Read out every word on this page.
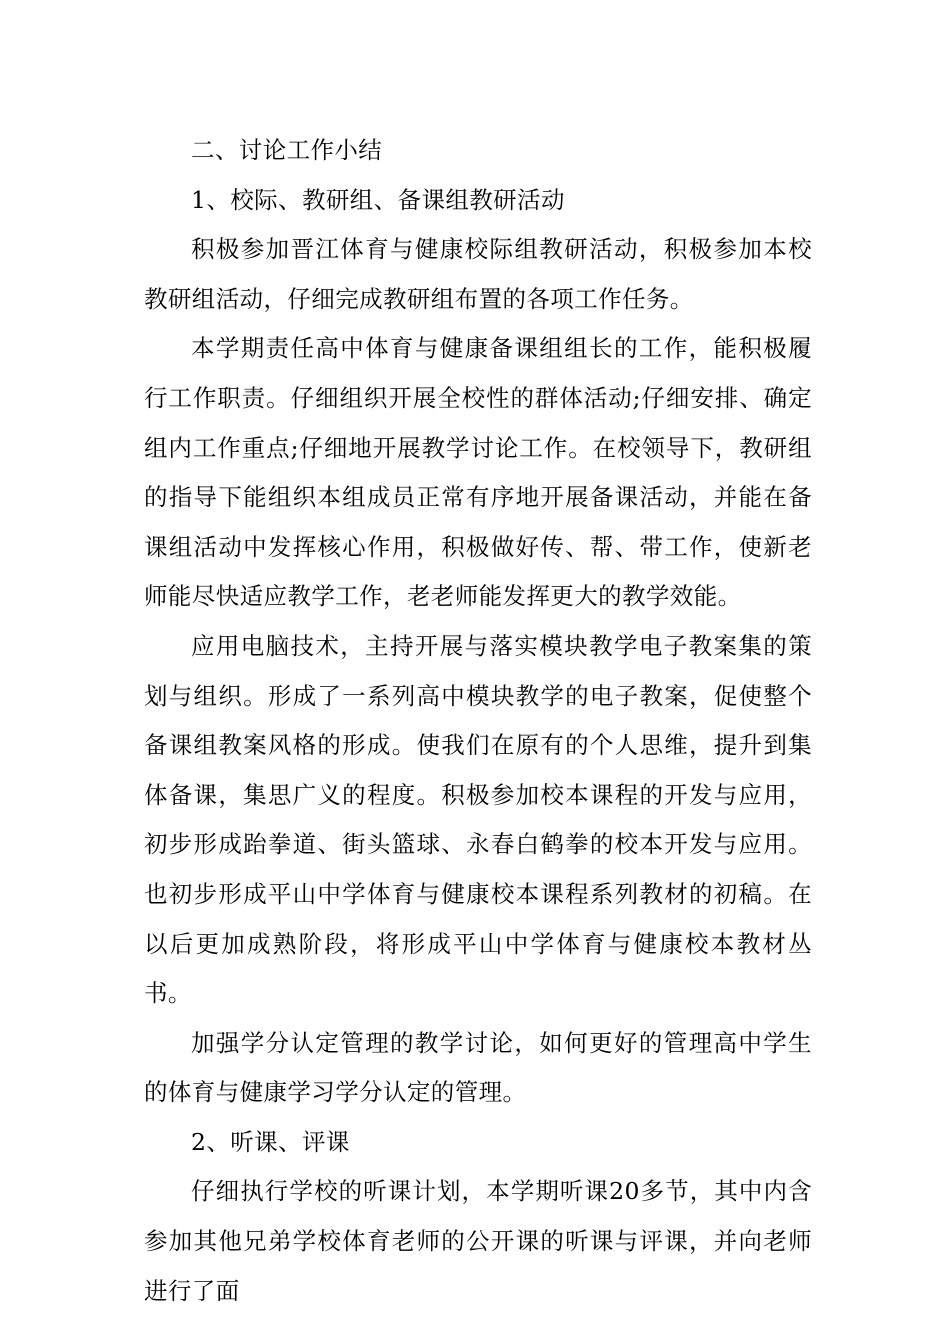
二、讨论工作小结

1、校际、教研组、备课组教研活动

积极参加晋江体育与健康校际组教研活动，积极参加本校教研组活动，仔细完成教研组布置的各项工作任务。

本学期责任高中体育与健康备课组组长的工作，能积极履行工作职责。仔细组织开展全校性的群体活动;仔细安排、确定组内工作重点;仔细地开展教学讨论工作。在校领导下，教研组的指导下能组织本组成员正常有序地开展备课活动，并能在备课组活动中发挥核心作用，积极做好传、帮、带工作，使新老师能尽快适应教学工作，老老师能发挥更大的教学效能。

应用电脑技术，主持开展与落实模块教学电子教案集的策划与组织。形成了一系列高中模块教学的电子教案，促使整个备课组教案风格的形成。使我们在原有的个人思维，提升到集体备课，集思广义的程度。积极参加校本课程的开发与应用，初步形成跆拳道、街头篮球、永春白鹤拳的校本开发与应用。也初步形成平山中学体育与健康校本课程系列教材的初稿。在以后更加成熟阶段，将形成平山中学体育与健康校本教材丛书。

加强学分认定管理的教学讨论，如何更好的管理高中学生的体育与健康学习学分认定的管理。

2、听课、评课

仔细执行学校的听课计划，本学期听课20多节，其中内含参加其他兄弟学校体育老师的公开课的听课与评课，并向老师进行了面
